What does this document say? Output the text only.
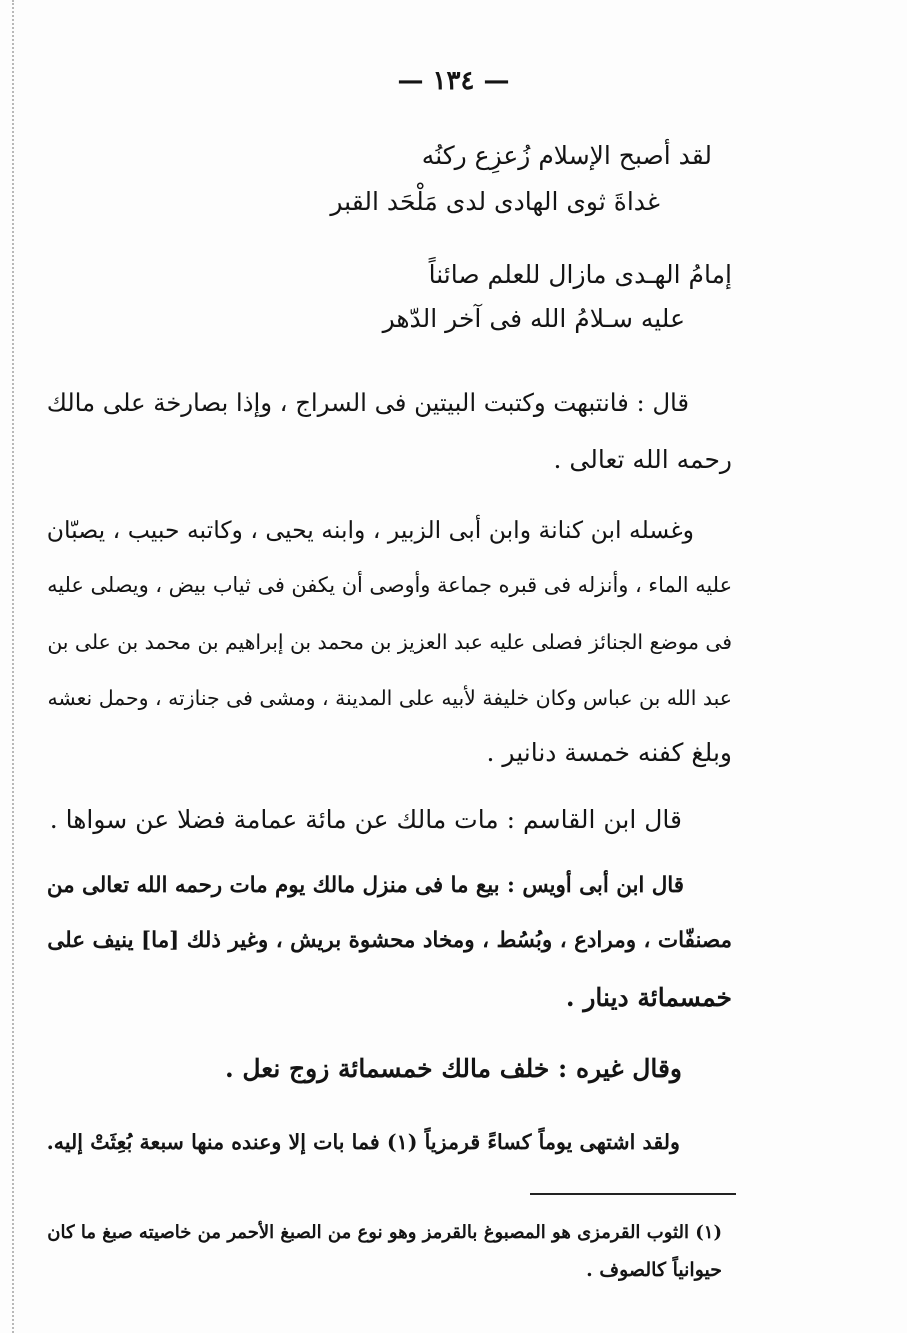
— ١٣٤ —
لقد أصبح الإسلام زُعزِع ركنُه
غداةَ ثوى الهادى لدى مَلْحَد القبر
إمامُ الهـدى مازال للعلم صائناً
عليه سـلامُ الله فى آخر الدّهر
قال : فانتبهت وكتبت البيتين فى السراج ، وإذا بصارخة على مالك
رحمه الله تعالى .
وغسله ابن كنانة وابن أبى الزبير ، وابنه يحيى ، وكاتبه حبيب ، يصبّان
عليه الماء ، وأنزله فى قبره جماعة وأوصى أن يكفن فى ثياب بيض ، ويصلى عليه
فى موضع الجنائز فصلى عليه عبد العزيز بن محمد بن إبراهيم بن محمد بن على بن
عبد الله بن عباس وكان خليفة لأبيه على المدينة ، ومشى فى جنازته ، وحمل نعشه
وبلغ كفنه خمسة دنانير .
قال ابن القاسم : مات مالك عن مائة عمامة فضلا عن سواها .
قال ابن أبى أويس : بيع ما فى منزل مالك يوم مات رحمه الله تعالى من
مصنفّات ، ومرادع ، وبُسُط ، ومخاد محشوة بريش ، وغير ذلك [ما] ينيف على
خمسمائة دينار .
وقال غيره : خلف مالك خمسمائة زوج نعل .
ولقد اشتهى يوماً كساءً قرمزياً (١) فما بات إلا وعنده منها سبعة بُعِثَتْ إليه.
(١) الثوب القرمزى هو المصبوغ بالقرمز وهو نوع من الصبغ الأحمر من خاصيته صبغ ما كان
حيوانياً كالصوف .
